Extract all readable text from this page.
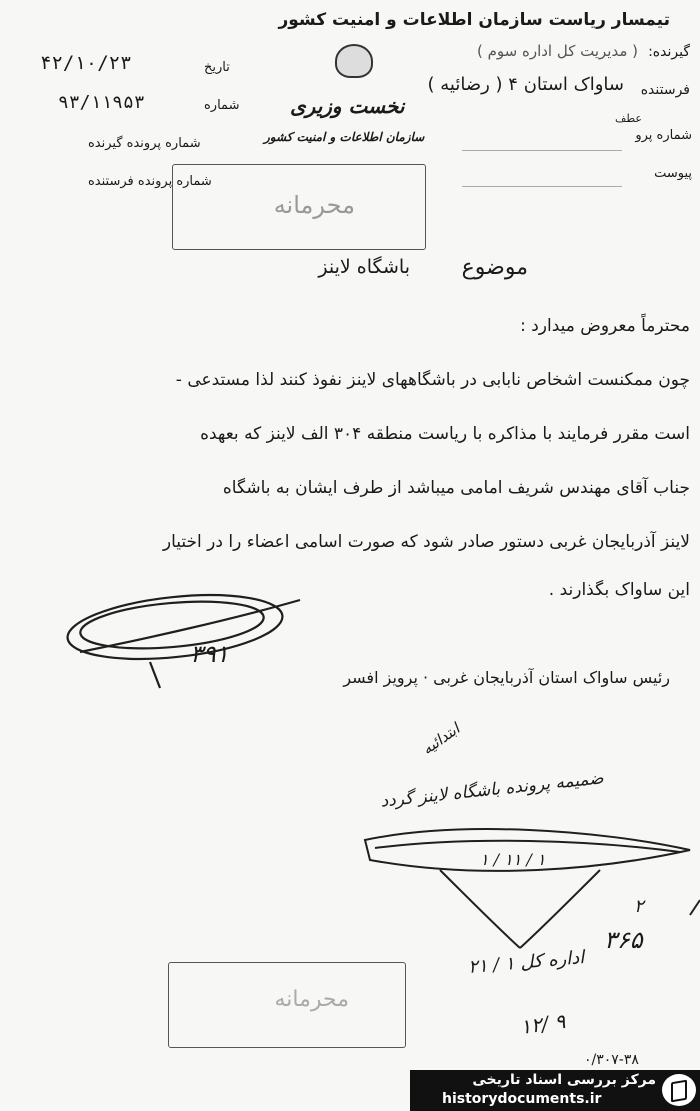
تیمسار ریاست سازمان اطلاعات و امنیت کشور
گیرنده:
( مدیریت کل اداره سوم )
فرستنده
ساواک استان ۴ ( رضائیه )
تاریخ
۴۲/۱۰/۲۳
شماره
۹۳/۱۱۹۵۳
شماره پرونده گیرنده
شماره پرونده فرستنده
عطف
شماره پرو
پیوست
نخست وزیری
سازمان اطلاعات و امنیت کشور
محرمانه
موضوع
باشگاه لاینز
محترماً معروض میدارد :
چون ممکنست اشخاص نابابی در باشگاههای لاینز نفوذ کنند لذا مستدعی -
است مقرر فرمایند با مذاکره با ریاست منطقه ۳۰۴ الف لاینز که بعهده
جناب آقای مهندس شریف امامی میباشد از طرف ایشان به باشگاه
لاینز آذربایجان غربی دستور صادر شود که صورت اسامی اعضاء را در اختیار
این ساواک بگذارند .
۳۹۱
رئیس ساواک استان آذربایجان غربی · پرویز افسر
ابتدائیه
ضمیمه پرونده باشگاه لاینز گردد
۱ / ۱۱ / ۱
۲
۳۶۵
اداره کل ۱ / ۲۱
۱۲/ ۹
محرمانه
۰/۳۰۷-۳۸
مرکز بررسی اسناد تاریخی
historydocuments.ir
